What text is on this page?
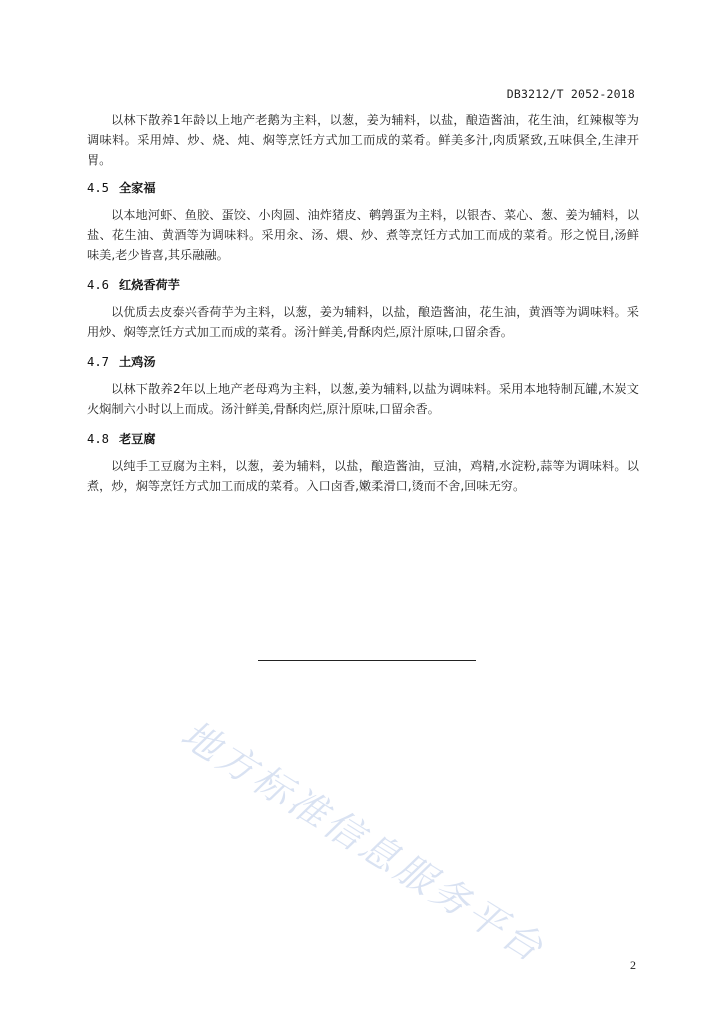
DB3212/T 2052-2018

以林下散养1年龄以上地产老鹅为主料，以葱，姜为辅料，以盐，酿造酱油，花生油，红辣椒等为调味料。采用焯、炒、烧、炖、焖等烹饪方式加工而成的菜肴。鲜美多汁,肉质紧致,五味俱全,生津开胃。

4.5 全家福

以本地河虾、鱼胶、蛋饺、小肉圆、油炸猪皮、鹌鹑蛋为主料，以银杏、菜心、葱、姜为辅料，以盐、花生油、黄酒等为调味料。采用汆、汤、煨、炒、煮等烹饪方式加工而成的菜肴。形之悦目,汤鲜味美,老少皆喜,其乐融融。

4.6 红烧香荷芋

以优质去皮泰兴香荷芋为主料，以葱，姜为辅料，以盐，酿造酱油，花生油，黄酒等为调味料。采用炒、焖等烹饪方式加工而成的菜肴。汤汁鲜美,骨酥肉烂,原汁原味,口留余香。

4.7 土鸡汤

以林下散养2年以上地产老母鸡为主料，以葱,姜为辅料,以盐为调味料。采用本地特制瓦罐,木炭文火焖制六小时以上而成。汤汁鲜美,骨酥肉烂,原汁原味,口留余香。

4.8 老豆腐

以纯手工豆腐为主料，以葱，姜为辅料，以盐，酿造酱油，豆油，鸡精,水淀粉,蒜等为调味料。以煮，炒，焖等烹饪方式加工而成的菜肴。入口卤香,嫩柔滑口,烫而不舍,回味无穷。

地方标准信息服务平台	2
